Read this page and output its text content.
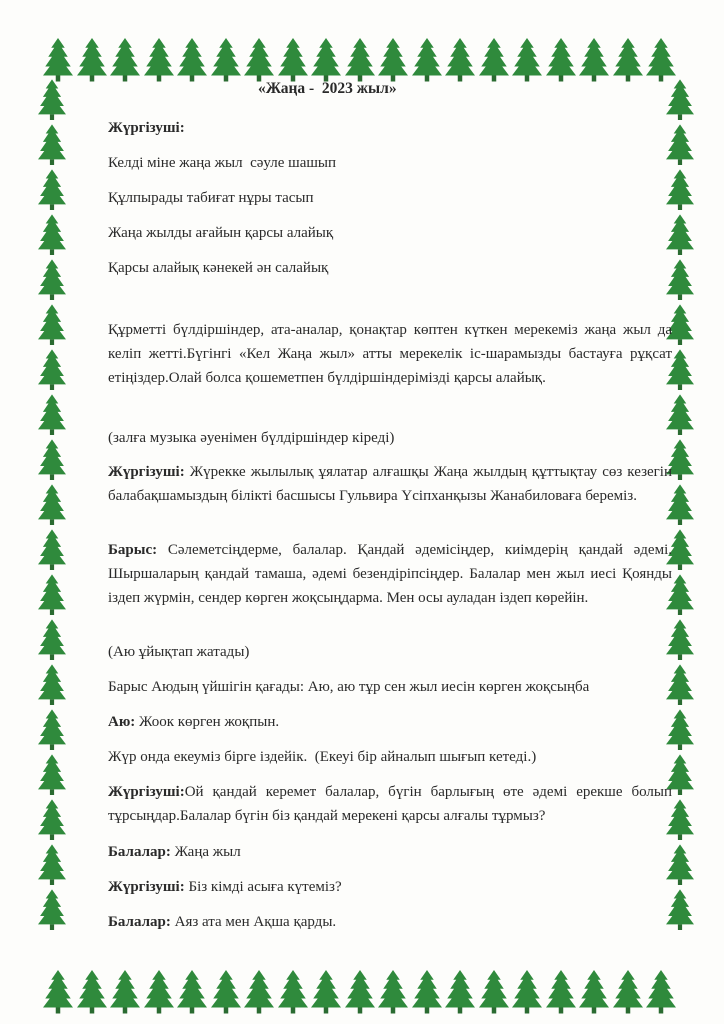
«Жаңа -  2023 жыл»
Жүргізуші:
Келді міне жаңа жыл  сәуле шашып
Құлпырады табиғат нұры тасып
Жаңа жылды ағайын қарсы алайық
Қарсы алайық кәнекей ән салайық
Құрметті бүлдіршіндер, ата-аналар, қонақтар көптен күткен мерекеміз жаңа жыл да келіп жетті.Бүгінгі «Кел Жаңа жыл» атты мерекелік іс-шарамызды бастауға рұқсат етіңіздер.Олай болса қошеметпен бүлдіршіндерімізді қарсы алайық.
(залға музыка әуенімен бүлдіршіндер кіреді)
Жүргізуші: Жүрекке жылылық ұялатар алғашқы Жаңа жылдың құттықтау сөз кезегін балабақшамыздың білікті басшысы Гульвира Үсіпханқызы Жанабиловаға береміз.
Барыс: Сәлеметсіңдерме, балалар. Қандай әдемісіңдер, киімдерің қандай әдемі. Шыршаларың қандай тамаша, әдемі безендіріпсіңдер. Балалар мен жыл иесі Қоянды іздеп жүрмін, сендер көрген жоқсыңдарма. Мен осы ауладан іздеп көрейін.
(Аю ұйықтап жатады)
Барыс Аюдың үйшігін қағады: Аю, аю тұр сен жыл иесін көрген жоқсыңба
Аю: Жоок көрген жоқпын.
Жүр онда екеуміз бірге іздейік.  (Екеуі бір айналып шығып кетеді.)
Жүргізуші:Ой қандай керемет балалар, бүгін барлығың өте әдемі ерекше болып тұрсыңдар.Балалар бүгін біз қандай мерекені қарсы алғалы тұрмыз?
Балалар: Жаңа жыл
Жүргізуші: Біз кімді асыға күтеміз?
Балалар: Аяз ата мен Ақша қарды.
